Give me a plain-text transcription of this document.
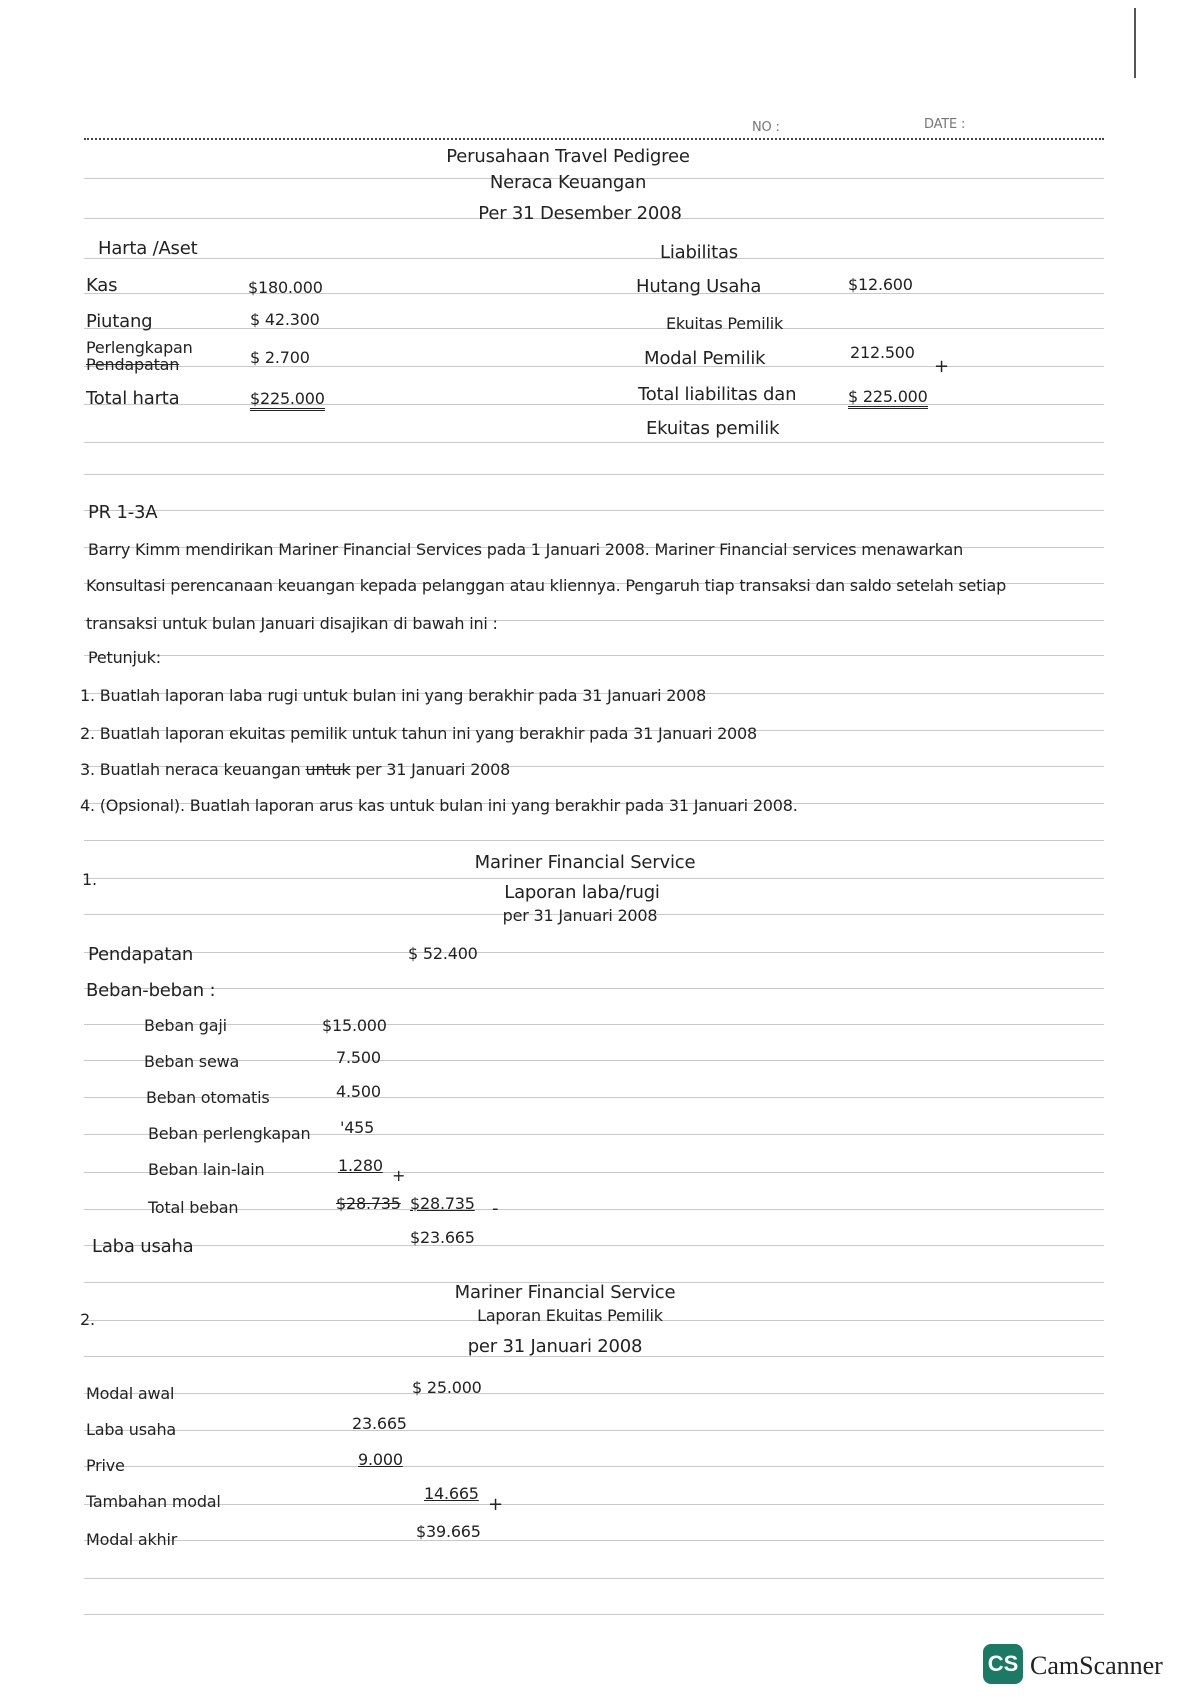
NO :	DATE :
Perusahaan Travel Pedigree
Neraca Keuangan
Per 31 Desember 2008
Harta /Aset	Liabilitas
Kas	$180.000	Hutang Usaha	$12.600
Piutang	$ 42.300	Ekuitas Pemilik
Perlengkapan
Pendapatan	$ 2.700	Modal Pemilik	212.500
+
Total harta	$225.000	Total liabilitas dan	$ 225.000
Ekuitas pemilik
PR 1-3A
Barry Kimm mendirikan Mariner Financial Services pada 1 Januari 2008. Mariner Financial services menawarkan
Konsultasi perencanaan keuangan kepada pelanggan atau kliennya. Pengaruh tiap transaksi dan saldo setelah setiap
transaksi untuk bulan Januari disajikan di bawah ini :
Petunjuk:
1. Buatlah laporan laba rugi untuk bulan ini yang berakhir pada 31 Januari 2008
2. Buatlah laporan ekuitas pemilik untuk tahun ini yang berakhir pada 31 Januari 2008
3. Buatlah neraca keuangan untuk per 31 Januari 2008
4. (Opsional). Buatlah laporan arus kas untuk bulan ini yang berakhir pada 31 Januari 2008.
1.
Mariner Financial Service
Laporan laba/rugi
per 31 Januari 2008
Pendapatan	$ 52.400
Beban-beban :
Beban gaji	$15.000
Beban sewa	7.500
Beban otomatis	4.500
Beban perlengkapan '455
Beban lain-lain	1.280
+
Total beban	$28.735 $28.735 -
Laba usaha	$23.665
2.
Mariner Financial Service
Laporan Ekuitas Pemilik
per 31 Januari 2008
Modal awal	$ 25.000
Laba usaha	23.665
Prive	9.000
Tambahan modal	14.665
+
Modal akhir	$39.665
CS CamScanner
